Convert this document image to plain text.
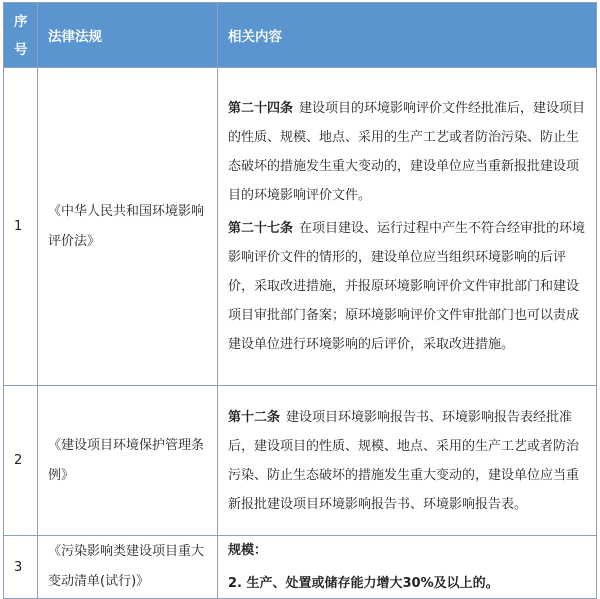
序号	法律法规	相关内容
1	《中华人民共和国环境影响评价法》	第二十四条 建设项目的环境影响评价文件经批准后，建设项目的性质、规模、地点、采用的生产工艺或者防治污染、防止生态破坏的措施发生重大变动的，建设单位应当重新报批建设项目的环境影响评价文件。
第二十七条 在项目建设、运行过程中产生不符合经审批的环境影响评价文件的情形的，建设单位应当组织环境影响的后评价，采取改进措施，并报原环境影响评价文件审批部门和建设项目审批部门备案；原环境影响评价文件审批部门也可以责成建设单位进行环境影响的后评价，采取改进措施。

2	《建设项目环境保护管理条例》	第十二条 建设项目环境影响报告书、环境影响报告表经批准后，建设项目的性质、规模、地点、采用的生产工艺或者防治污染、防止生态破坏的措施发生重大变动的，建设单位应当重新报批建设项目环境影响报告书、环境影响报告表。

3	《污染影响类建设项目重大变动清单(试行)》	规模：
2. 生产、处置或储存能力增大30%及以上的。
